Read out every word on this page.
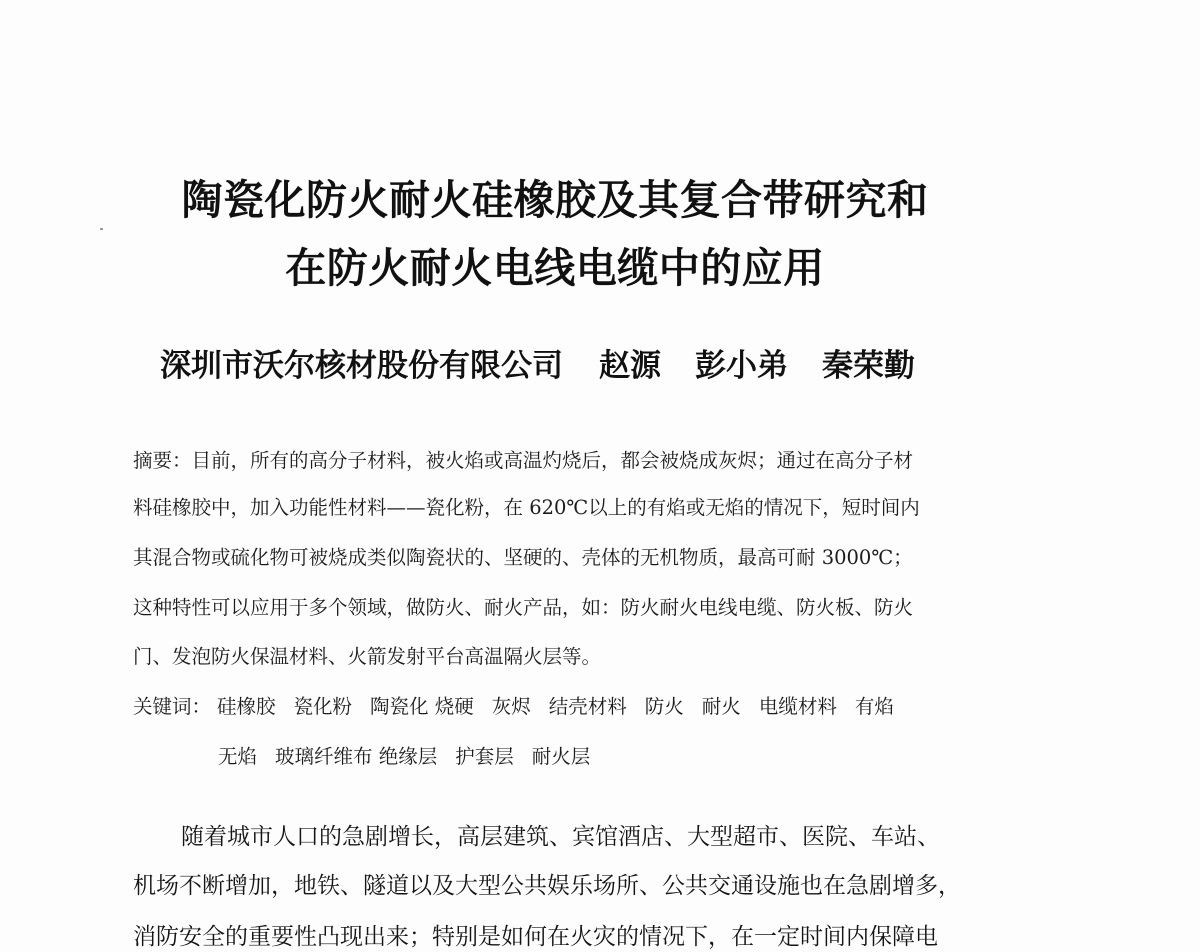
陶瓷化防火耐火硅橡胶及其复合带研究和
在防火耐火电线电缆中的应用
深圳市沃尔核材股份有限公司 赵源 彭小弟 秦荣勤
摘要：目前，所有的高分子材料，被火焰或高温灼烧后，都会被烧成灰烬；通过在高分子材
料硅橡胶中，加入功能性材料——瓷化粉，在 620℃以上的有焰或无焰的情况下，短时间内
其混合物或硫化物可被烧成类似陶瓷状的、坚硬的、壳体的无机物质，最高可耐 3000℃；
这种特性可以应用于多个领域，做防火、耐火产品，如：防火耐火电线电缆、防火板、防火
门、发泡防火保温材料、火箭发射平台高温隔火层等。
关键词： 硅橡胶 瓷化粉 陶瓷化 烧硬 灰烬 结壳材料 防火 耐火 电缆材料 有焰
无焰 玻璃纤维布 绝缘层 护套层 耐火层
随着城市人口的急剧增长，高层建筑、宾馆酒店、大型超市、医院、车站、
机场不断增加，地铁、隧道以及大型公共娱乐场所、公共交通设施也在急剧增多，
消防安全的重要性凸现出来；特别是如何在火灾的情况下，在一定时间内保障电
